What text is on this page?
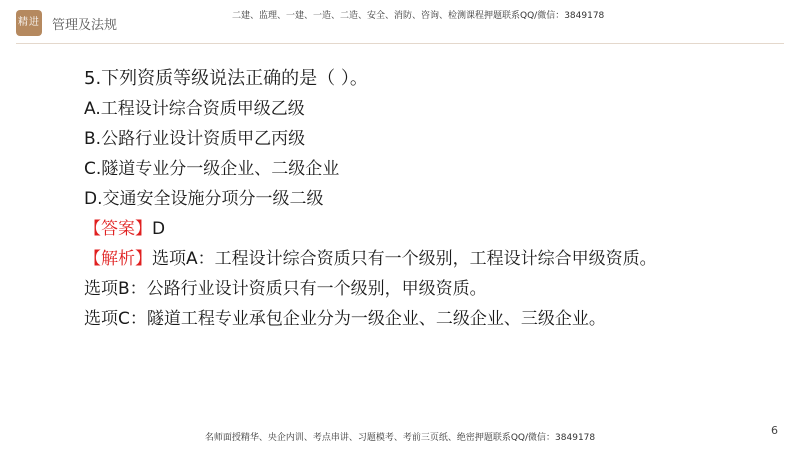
精进 管理及法规
二建、监理、一建、一造、二造、安全、消防、咨询、检测课程押题联系QQ/微信：3849178
5.下列资质等级说法正确的是（ ）。
A.工程设计综合资质甲级乙级
B.公路行业设计资质甲乙丙级
C.隧道专业分一级企业、二级企业
D.交通安全设施分项分一级二级
【答案】D
【解析】选项A：工程设计综合资质只有一个级别，工程设计综合甲级资质。
选项B：公路行业设计资质只有一个级别，甲级资质。
选项C：隧道工程专业承包企业分为一级企业、二级企业、三级企业。
名师面授精华、央企内训、考点串讲、习题模考、考前三页纸、绝密押题联系QQ/微信：3849178
6
